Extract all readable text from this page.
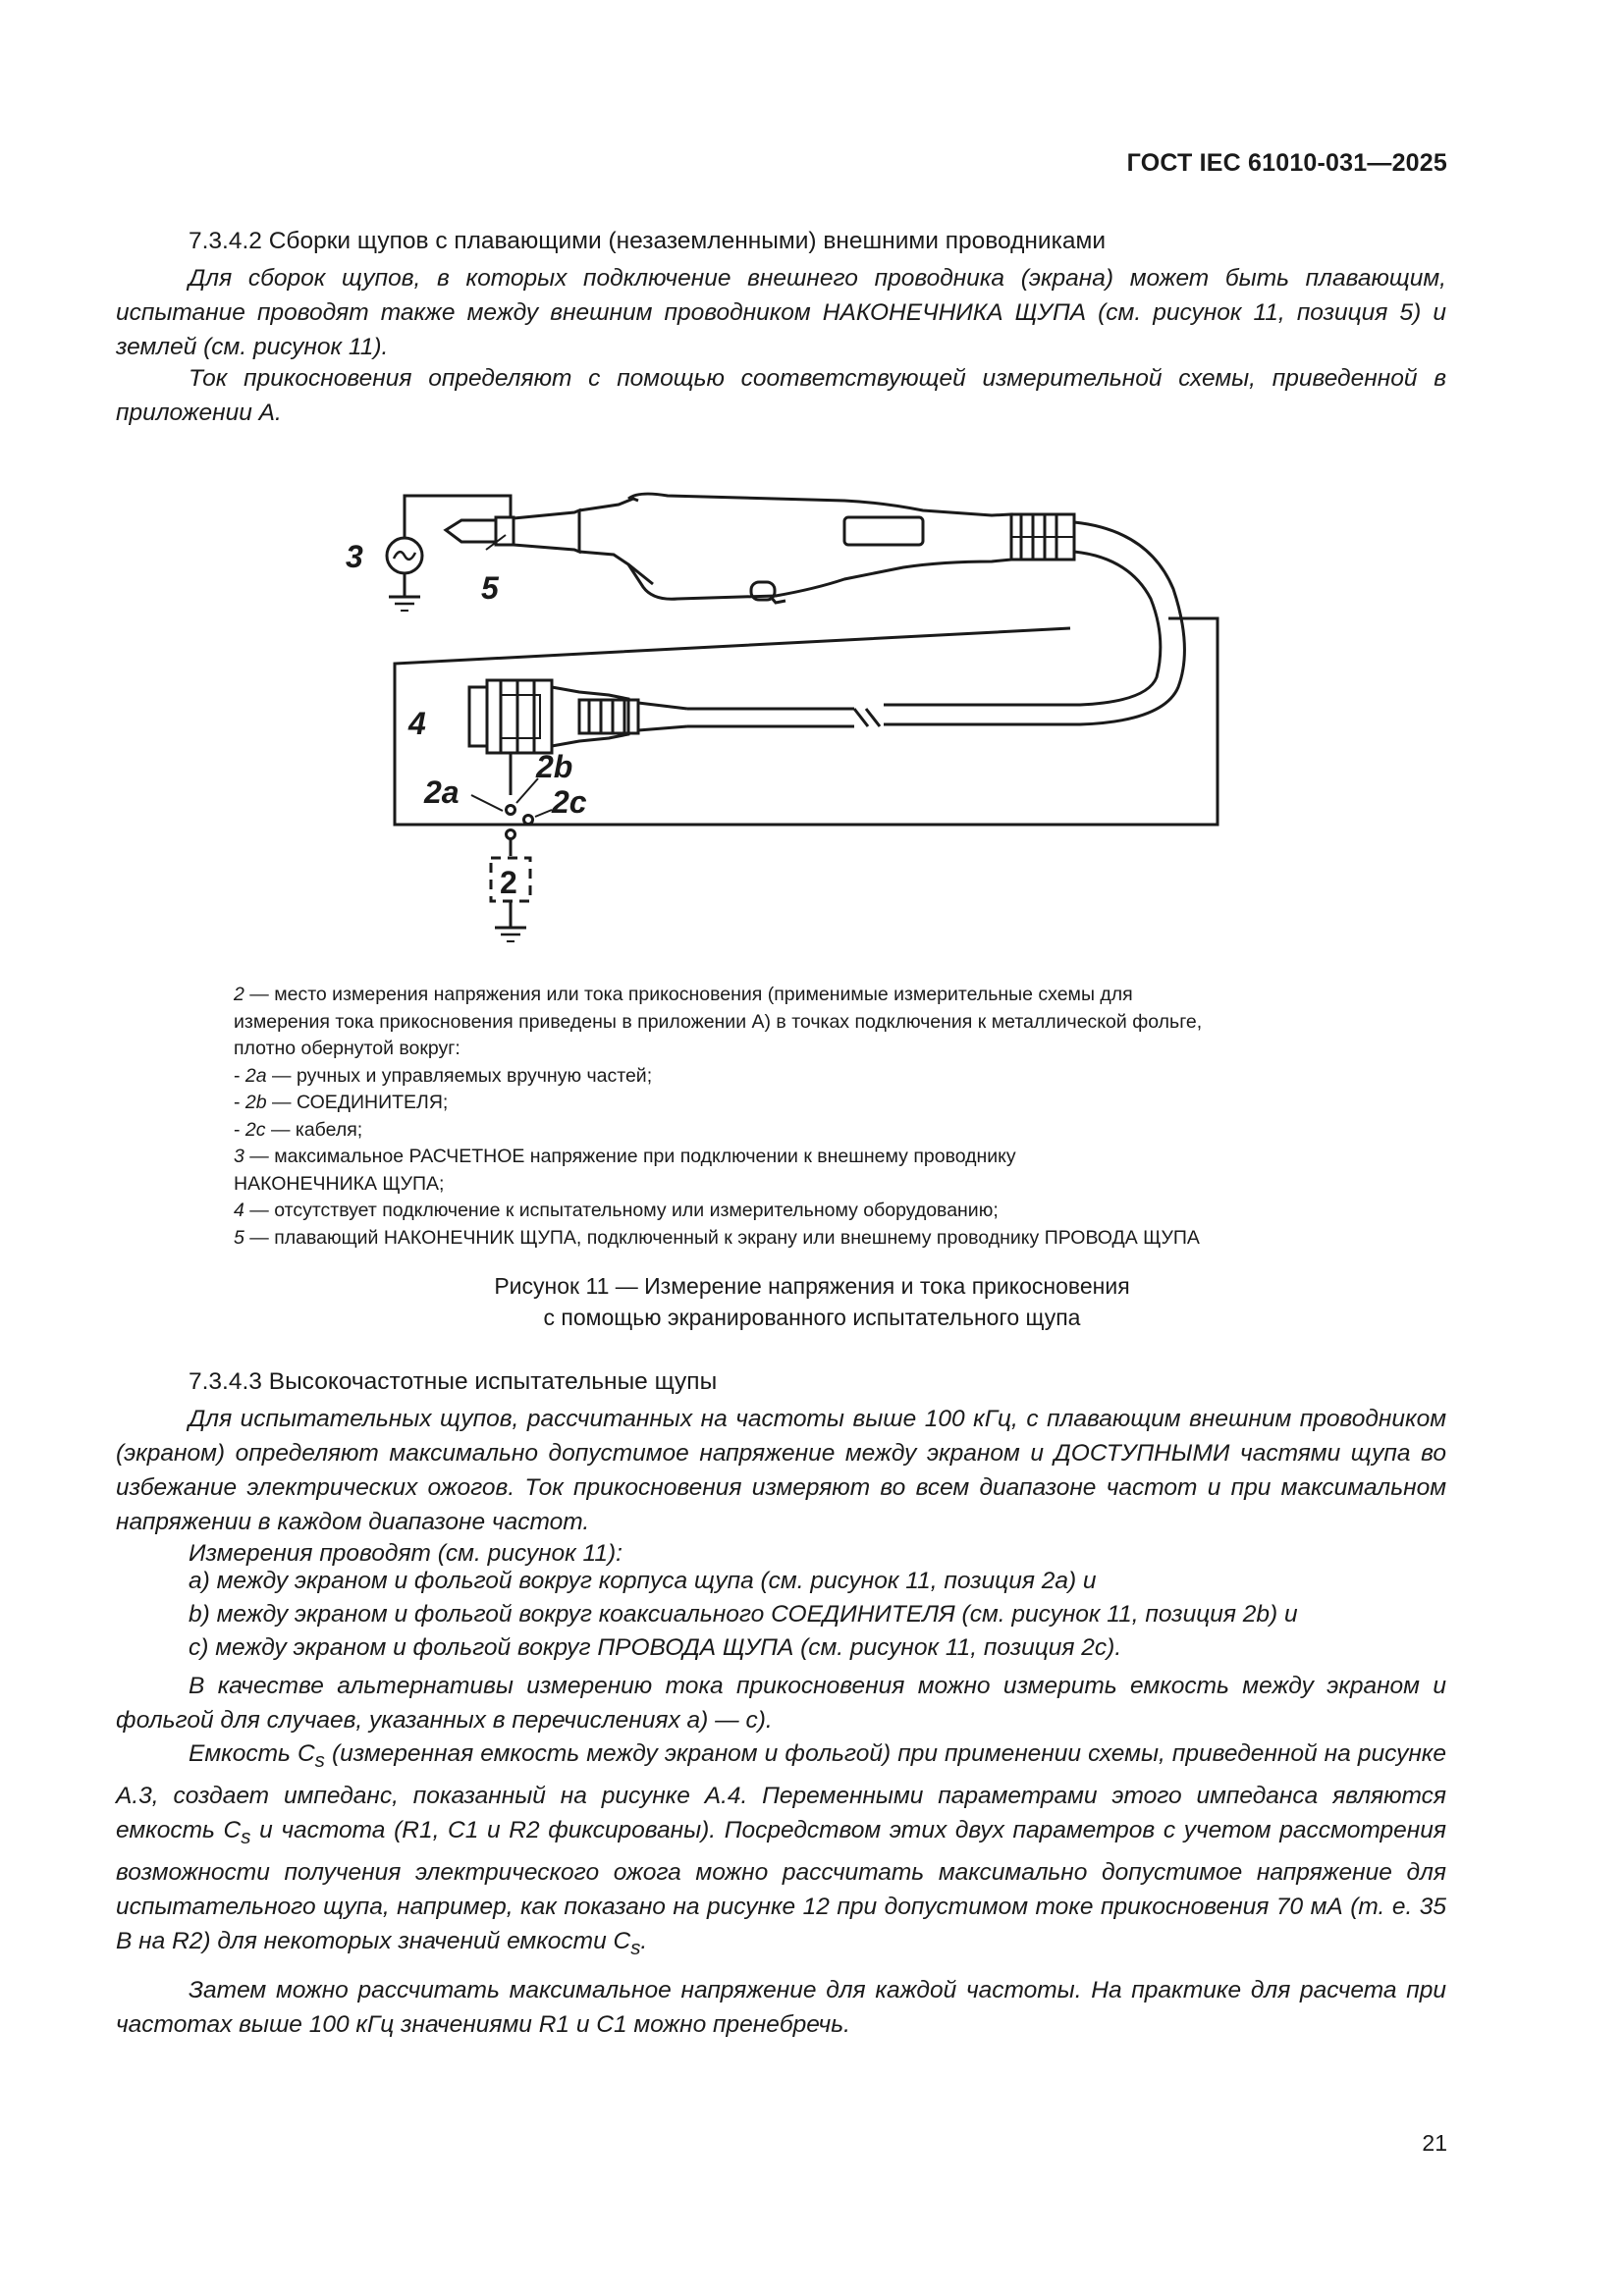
ГОСТ IEC 61010-031—2025
7.3.4.2 Сборки щупов с плавающими (незаземленными) внешними проводниками

Для сборок щупов, в которых подключение внешнего проводника (экрана) может быть плавающим, испытание проводят также между внешним проводником НАКОНЕЧНИКА ЩУПА (см. рисунок 11, позиция 5) и землей (см. рисунок 11).

Ток прикосновения определяют с помощью соответствующей измерительной схемы, приведенной в приложении А.

3
5
4
2a
2b
2c
2
2 — место измерения напряжения или тока прикосновения (применимые измерительные схемы для
измерения тока прикосновения приведены в приложении А) в точках подключения к металлической фольге,
плотно обернутой вокруг:
- 2a — ручных и управляемых вручную частей;
- 2b — СОЕДИНИТЕЛЯ;
- 2c — кабеля;
3 — максимальное РАСЧЕТНОЕ напряжение при подключении к внешнему проводнику
НАКОНЕЧНИКА ЩУПА;
4 — отсутствует подключение к испытательному или измерительному оборудованию;
5 — плавающий НАКОНЕЧНИК ЩУПА, подключенный к экрану или внешнему проводнику ПРОВОДА ЩУПА
Рисунок 11 — Измерение напряжения и тока прикосновения
с помощью экранированного испытательного щупа
7.3.4.3 Высокочастотные испытательные щупы

Для испытательных щупов, рассчитанных на частоты выше 100 кГц, с плавающим внешним проводником (экраном) определяют максимально допустимое напряжение между экраном и ДОСТУПНЫМИ частями щупа во избежание электрических ожогов. Ток прикосновения измеряют во всем диапазоне частот и при максимальном напряжении в каждом диапазоне частот.

Измерения проводят (см. рисунок 11):

a) между экраном и фольгой вокруг корпуса щупа (см. рисунок 11, позиция 2а) и
b) между экраном и фольгой вокруг коаксиального СОЕДИНИТЕЛЯ (см. рисунок 11, позиция 2b) и
c) между экраном и фольгой вокруг ПРОВОДА ЩУПА (см. рисунок 11, позиция 2с).

В качестве альтернативы измерению тока прикосновения можно измерить емкость между экраном и фольгой для случаев, указанных в перечислениях а) — с).

Емкость $C_s$ (измеренная емкость между экраном и фольгой) при применении схемы, приведенной на рисунке А.3, создает импеданс, показанный на рисунке А.4. Переменными параметрами этого импеданса являются емкость $C_s$ и частота (R1, C1 и R2 фиксированы). Посредством этих двух параметров с учетом рассмотрения возможности получения электрического ожога можно рассчитать максимально допустимое напряжение для испытательного щупа, например, как показано на рисунке 12 при допустимом токе прикосновения 70 мА (т. е. 35 В на R2) для некоторых значений емкости $C_s$.

Затем можно рассчитать максимальное напряжение для каждой частоты. На практике для расчета при частотах выше 100 кГц значениями R1 и C1 можно пренебречь.

21
